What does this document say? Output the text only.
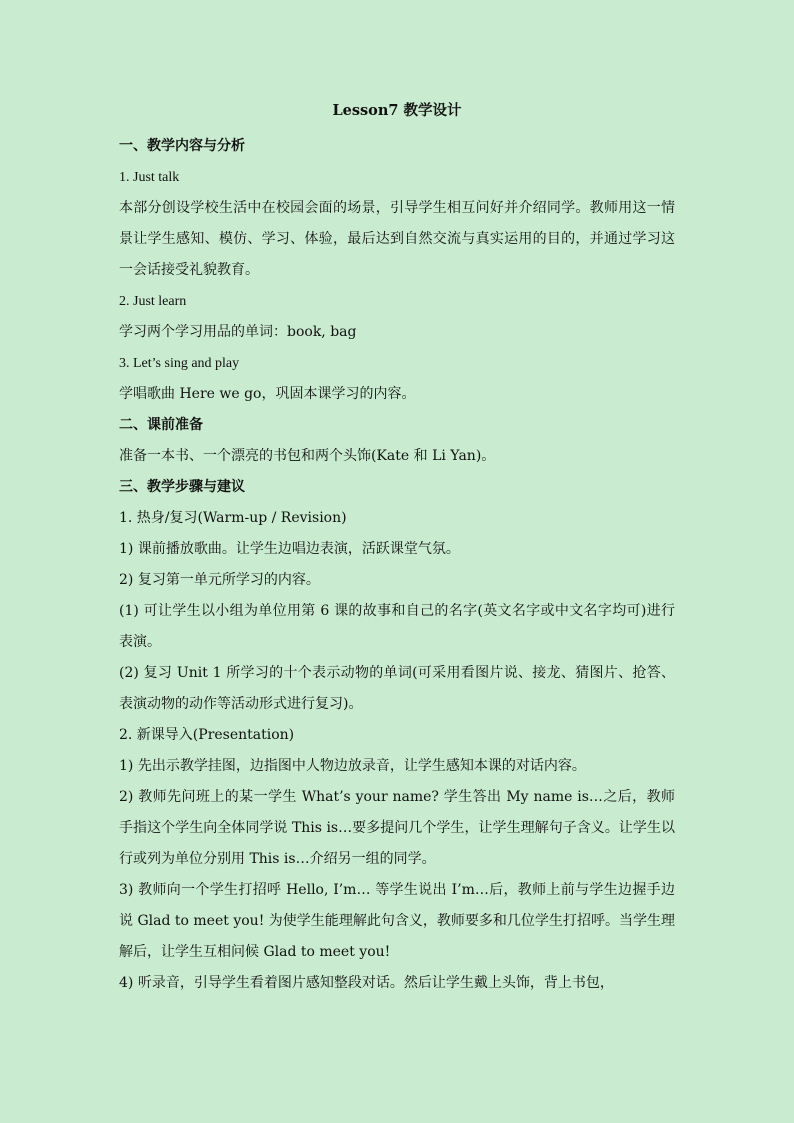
Lesson7 教学设计
一、教学内容与分析
1. Just talk
本部分创设学校生活中在校园会面的场景，引导学生相互问好并介绍同学。教师用这一情景让学生感知、模仿、学习、体验，最后达到自然交流与真实运用的目的，并通过学习这一会话接受礼貌教育。
2. Just learn
学习两个学习用品的单词：book, bag
3. Let’s sing and play
学唱歌曲 Here we go，巩固本课学习的内容。
二、课前准备
准备一本书、一个漂亮的书包和两个头饰(Kate 和 Li Yan)。
三、教学步骤与建议
1. 热身/复习(Warm-up / Revision)
1) 课前播放歌曲。让学生边唱边表演，活跃课堂气氛。
2) 复习第一单元所学习的内容。
(1) 可让学生以小组为单位用第 6 课的故事和自己的名字(英文名字或中文名字均可)进行表演。
(2) 复习 Unit 1 所学习的十个表示动物的单词(可采用看图片说、接龙、猜图片、抢答、表演动物的动作等活动形式进行复习)。
2. 新课导入(Presentation)
1) 先出示教学挂图，边指图中人物边放录音，让学生感知本课的对话内容。
2) 教师先问班上的某一学生 What’s your name? 学生答出 My name is…之后，教师手指这个学生向全体同学说 This is…要多提问几个学生，让学生理解句子含义。让学生以行或列为单位分别用 This is…介绍另一组的同学。
3) 教师向一个学生打招呼 Hello, I’m… 等学生说出 I’m…后，教师上前与学生边握手边说 Glad to meet you! 为使学生能理解此句含义，教师要多和几位学生打招呼。当学生理解后，让学生互相问候 Glad to meet you!
4) 听录音，引导学生看着图片感知整段对话。然后让学生戴上头饰，背上书包，
